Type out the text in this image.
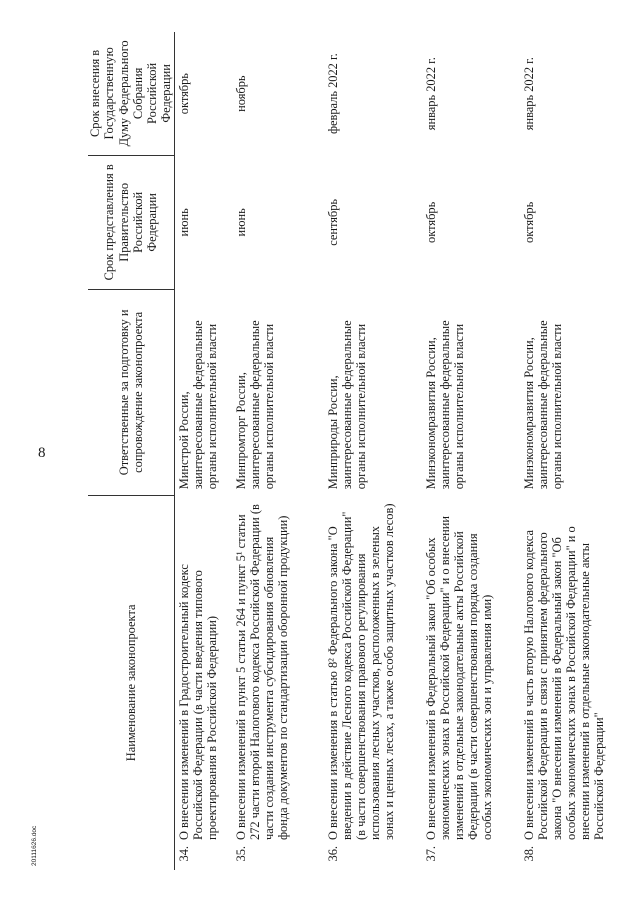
8
Наименование законопроекта	Ответственные за подготовку и сопровождение законопроекта	Срок представления в Правительство Российской Федерации	Срок внесения в Государственную Думу Федерального Собрания Российской Федерации

34.
О внесении изменений в Градостроительный кодекс Российской Федерации (в части введения типового проектирования в Российской Федерации)	Минстрой России, заинтересованные федеральные органы исполнительной власти	июнь	октябрь

35.
О внесении изменений в пункт 5 статьи 264 и пункт 5¹ статьи 272 части второй Налогового кодекса Российской Федерации (в части создания инструмента субсидирования обновления фонда документов по стандартизации оборонной продукции)	Минпромторг России, заинтересованные федеральные органы исполнительной власти	июнь	ноябрь

36.
О внесении изменения в статью 8² Федерального закона "О введении в действие Лесного кодекса Российской Федерации" (в части совершенствования правового регулирования использования лесных участков, расположенных в зеленых зонах и ценных лесах, а также особо защитных участков лесов)	Минприроды России, заинтересованные федеральные органы исполнительной власти	сентябрь	февраль 2022 г.

37.
О внесении изменений в Федеральный закон "Об особых экономических зонах в Российской Федерации" и о внесении изменений в отдельные законодательные акты Российской Федерации (в части совершенствования порядка создания особых экономических зон и управления ими)	Минэкономразвития России, заинтересованные федеральные органы исполнительной власти	октябрь	январь 2022 г.

38.
О внесении изменений в часть вторую Налогового кодекса Российской Федерации в связи с принятием федерального закона "О внесении изменений в Федеральный закон "Об особых экономических зонах в Российской Федерации" и о внесении изменений в отдельные законодательные акты Российской Федерации"	Минэкономразвития России, заинтересованные федеральные органы исполнительной власти	октябрь	январь 2022 г.
20111626.doc
